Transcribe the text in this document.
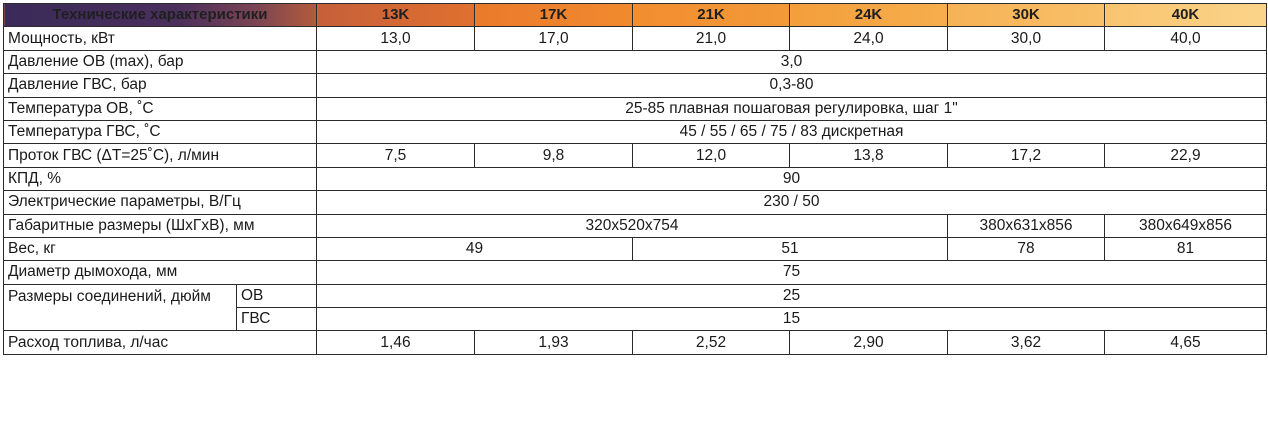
Технические характеристики		13K	17K	21K	24K	30K	40K
Мощность, кВт		13,0	17,0	21,0	24,0	30,0	40,0
Давление ОВ (max), бар		3,0					
Давление ГВС, бар		0,3-80					
Температура ОВ, ˚С		25-85 плавная пошаговая регулировка, шаг 1"					
Температура ГВС, ˚С		45 / 55 / 65 / 75 / 83 дискретная					
Проток ГВС (ΔТ=25˚С), л/мин		7,5	9,8	12,0	13,8	17,2	22,9
КПД, %		90					
Электрические параметры, В/Гц		230 / 50					
Габаритные размеры (ШхГхВ), мм		320x520x754				380x631x856	380x649x856
Вес, кг		49		51		78	81
Диаметр дымохода, мм		75					
Размеры соединений, дюйм	ОВ	25					
	ГВС	15					
Расход топлива, л/час		1,46	1,93	2,52	2,90	3,62	4,65
